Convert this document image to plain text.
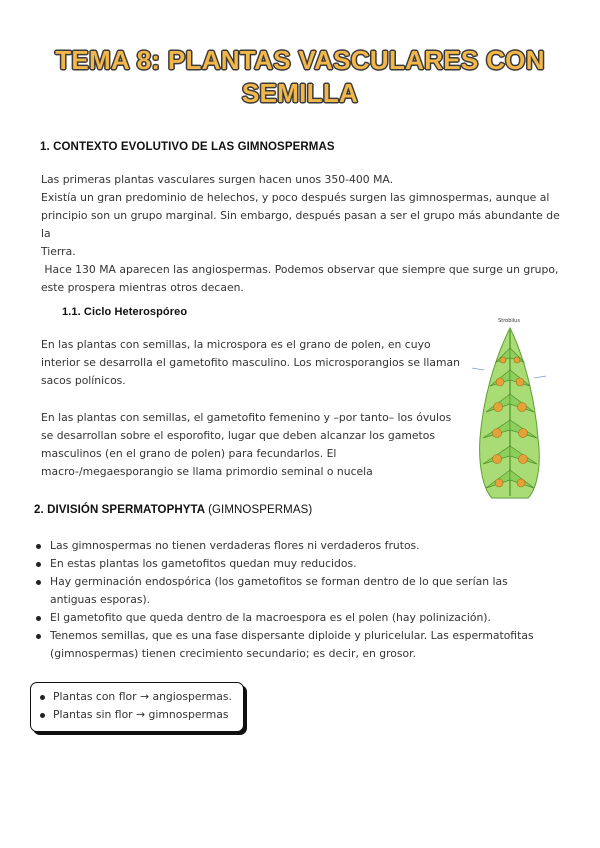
TEMA 8: PLANTAS VASCULARES CON
SEMILLA
1. CONTEXTO EVOLUTIVO DE LAS GIMNOSPERMAS

Las primeras plantas vasculares surgen hacen unos 350-400 MA.

Existía un gran predominio de helechos, y poco después surgen las gimnospermas, aunque al

principio son un grupo marginal. Sin embargo, después pasan a ser el grupo más abundante de la

Tierra.

Hace 130 MA aparecen las angiospermas. Podemos observar que siempre que surge un grupo,

este prospera mientras otros decaen.

1.1. Ciclo Heterospóreo

En las plantas con semillas, la microspora es el grano de polen, en cuyo

interior se desarrolla el gametofito masculino. Los microsporangios se llaman

sacos polínicos.

En las plantas con semillas, el gametofito femenino y –por tanto– los óvulos

se desarrollan sobre el esporofito, lugar que deben alcanzar los gametos

masculinos (en el grano de polen) para fecundarlos. El

macro-/megaesporangio se llama primordio seminal o nucela

Strobilus
2. DIVISIÓN SPERMATOPHYTA (GIMNOSPERMAS)
Las gimnospermas no tienen verdaderas flores ni verdaderos frutos.
En estas plantas los gametofitos quedan muy reducidos.
Hay germinación endospórica (los gametofitos se forman dentro de lo que serían las
antiguas esporas).
El gametofito que queda dentro de la macroespora es el polen (hay polinización).
Tenemos semillas, que es una fase dispersante diploide y pluricelular. Las espermatofitas
(gimnospermas) tienen crecimiento secundario; es decir, en grosor.
Plantas con flor → angiospermas.
Plantas sin flor → gimnospermas
